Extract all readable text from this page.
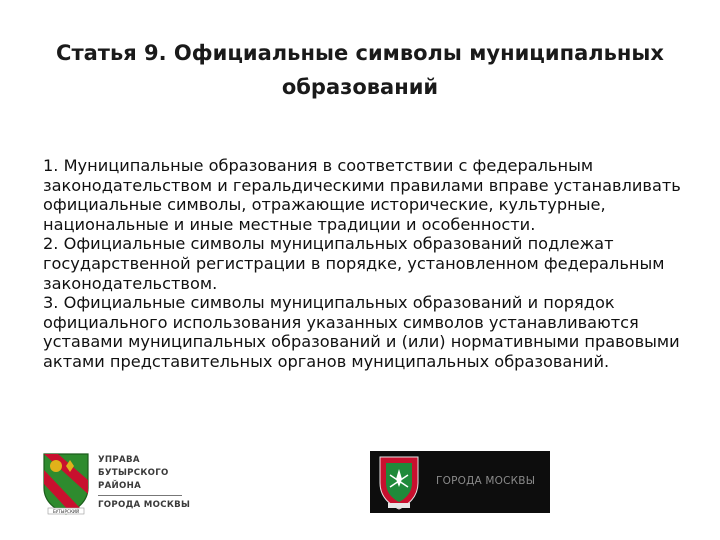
Статья 9. Официальные символы муниципальных
образований

1. Муниципальные образования в соответствии с федеральным законодательством и геральдическими правилами вправе устанавливать официальные символы, отражающие исторические, культурные, национальные и иные местные традиции и особенности.

2. Официальные символы муниципальных образований подлежат государственной регистрации в порядке, установленном федеральным законодательством.

3. Официальные символы муниципальных образований и порядок официального использования указанных символов устанавливаются уставами муниципальных образований и (или) нормативными правовыми актами представительных органов муниципальных образований.

БУТЫРСКИЙ
УПРАВА
БУТЫРСКОГО
РАЙОНА
ГОРОДА МОСКВЫ
ГОРОДА МОСКВЫ
